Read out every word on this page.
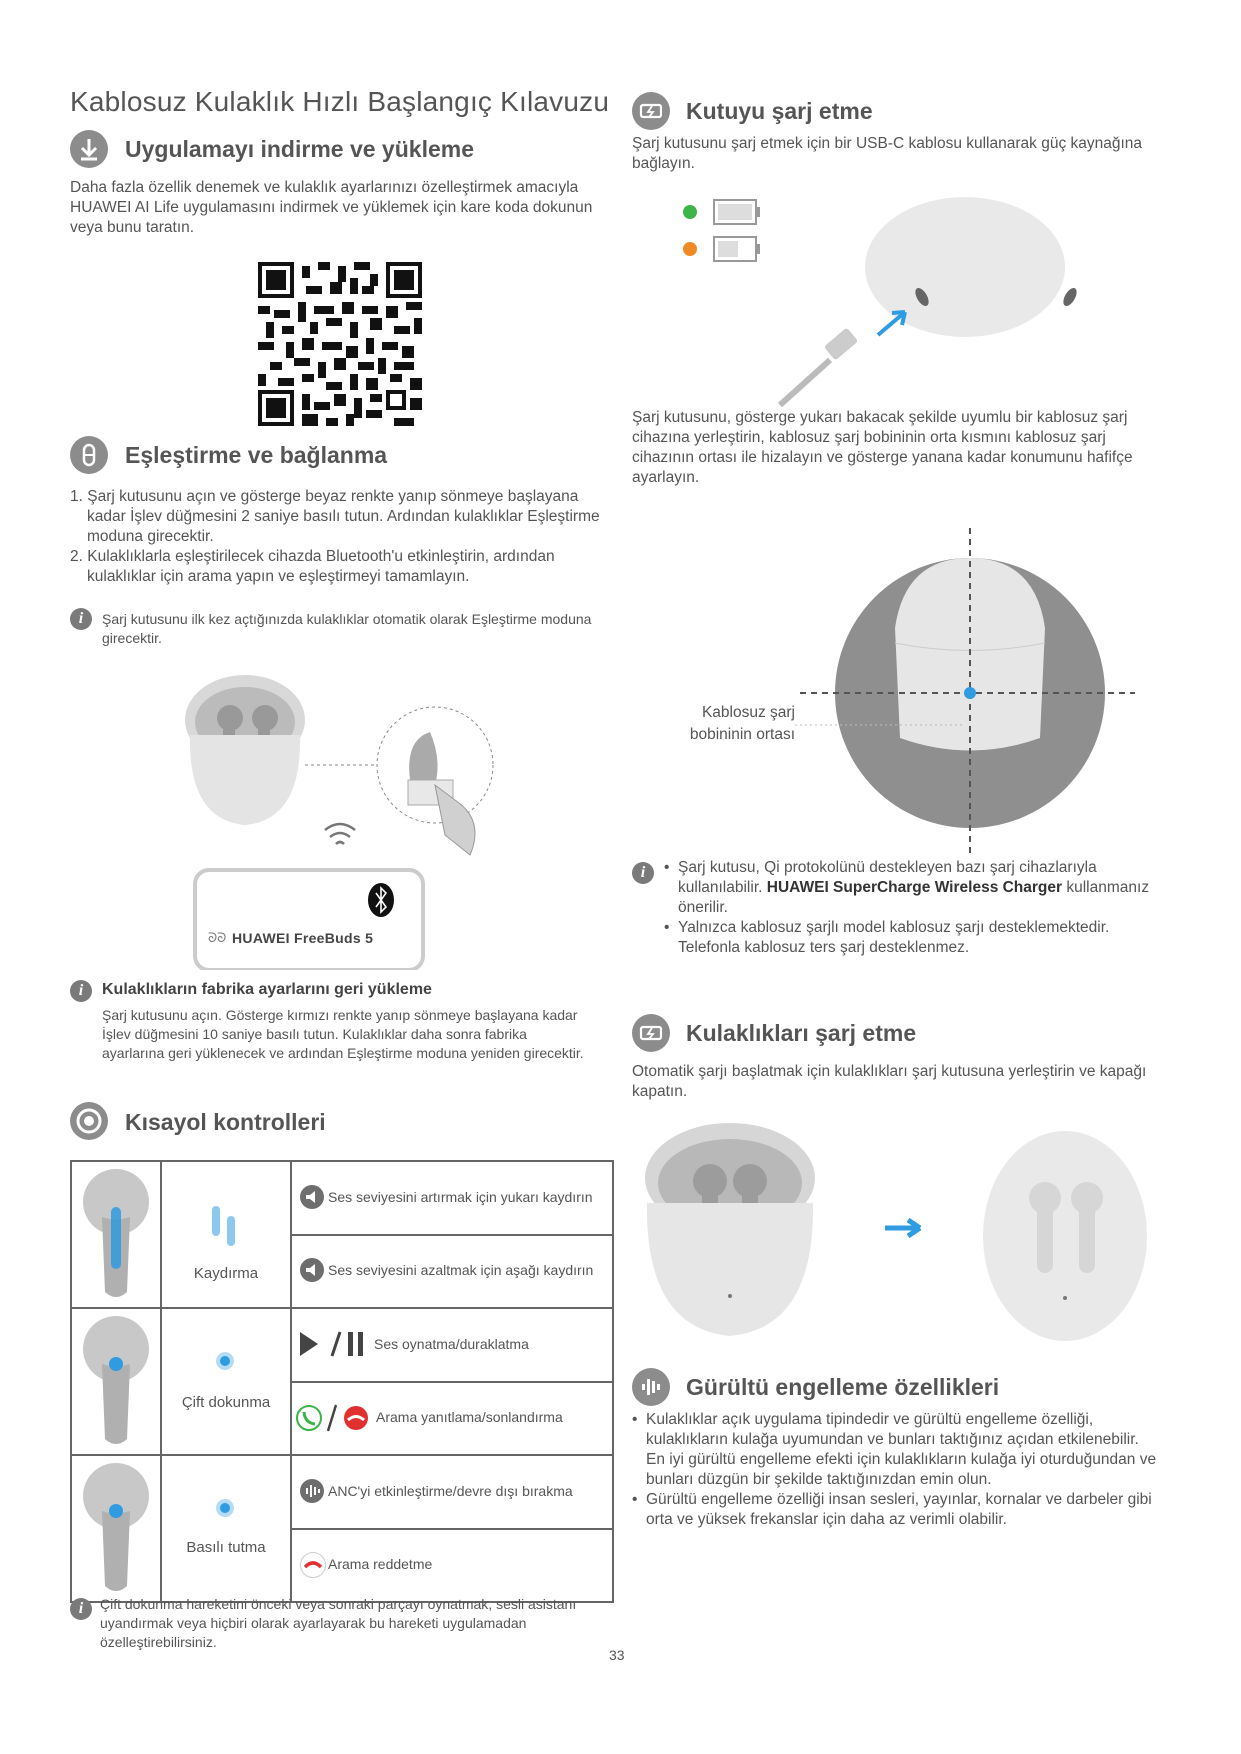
Kablosuz Kulaklık Hızlı Başlangıç Kılavuzu
Uygulamayı indirme ve yükleme
Daha fazla özellik denemek ve kulaklık ayarlarınızı özelleştirmek amacıyla HUAWEI AI Life uygulamasını indirmek ve yüklemek için kare koda dokunun veya bunu taratın.
Eşleştirme ve bağlanma
1. Şarj kutusunu açın ve gösterge beyaz renkte yanıp sönmeye başlayana kadar İşlev düğmesini 2 saniye basılı tutun. Ardından kulaklıklar Eşleştirme moduna girecektir.
2. Kulaklıklarla eşleştirilecek cihazda Bluetooth'u etkinleştirin, ardından kulaklıklar için arama yapın ve eşleştirmeyi tamamlayın.
i	Şarj kutusunu ilk kez açtığınızda kulaklıklar otomatik olarak Eşleştirme moduna girecektir.
HUAWEI FreeBuds 5
ᘐᘐ
i	Kulaklıkların fabrika ayarlarını geri yükleme
Şarj kutusunu açın. Gösterge kırmızı renkte yanıp sönmeye başlayana kadar İşlev düğmesini 10 saniye basılı tutun. Kulaklıklar daha sonra fabrika ayarlarına geri yüklenecek ve ardından Eşleştirme moduna yeniden girecektir.
Kısayol kontrolleri

Kaydırma	Ses seviyesini artırmak için yukarı kaydırın

		Ses seviyesini azaltmak için aşağı kaydırın

Çift dokunma	Ses oynatma/duraklatma

		Arama yanıtlama/sonlandırma

Basılı tutma	ANC'yi etkinleştirme/devre dışı bırakma

		Arama reddetme
i	Çift dokunma hareketini önceki veya sonraki parçayı oynatmak, sesli asistanı uyandırmak veya hiçbiri olarak ayarlayarak bu hareketi uygulamadan özelleştirebilirsiniz.
33
Kutuyu şarj etme
Şarj kutusunu şarj etmek için bir USB-C kablosu kullanarak güç kaynağına bağlayın.
Şarj kutusunu, gösterge yukarı bakacak şekilde uyumlu bir kablosuz şarj cihazına yerleştirin, kablosuz şarj bobininin orta kısmını kablosuz şarj cihazının ortası ile hizalayın ve gösterge yanana kadar konumunu hafifçe ayarlayın.
Kablosuz şarj
bobininin ortası
i	• Şarj kutusu, Qi protokolünü destekleyen bazı şarj cihazlarıyla kullanılabilir. HUAWEI SuperCharge Wireless Charger kullanmanız önerilir.
• Yalnızca kablosuz şarjlı model kablosuz şarjı desteklemektedir. Telefonla kablosuz ters şarj desteklenmez.
Kulaklıkları şarj etme
Otomatik şarjı başlatmak için kulaklıkları şarj kutusuna yerleştirin ve kapağı kapatın.
Gürültü engelleme özellikleri
• Kulaklıklar açık uygulama tipindedir ve gürültü engelleme özelliği, kulaklıkların kulağa uyumundan ve bunları taktığınız açıdan etkilenebilir. En iyi gürültü engelleme efekti için kulaklıkların kulağa iyi oturduğundan ve bunları düzgün bir şekilde taktığınızdan emin olun.
• Gürültü engelleme özelliği insan sesleri, yayınlar, kornalar ve darbeler gibi orta ve yüksek frekanslar için daha az verimli olabilir.
